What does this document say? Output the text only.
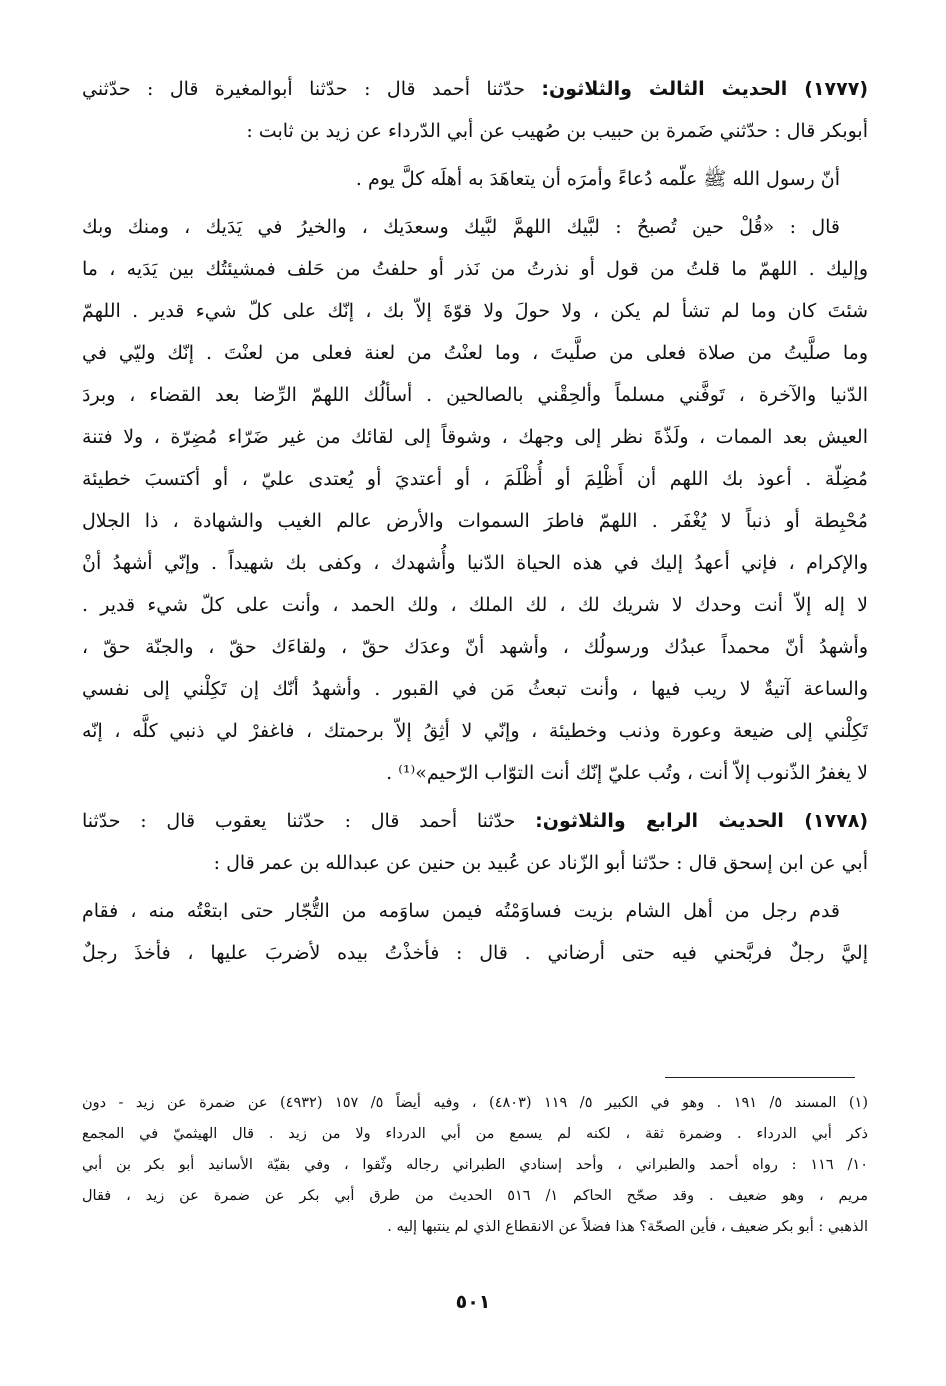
(١٧٧٧) الحديث الثالث والثلاثون: حدّثنا أحمد قال : حدّثنا أبوالمغيرة قال : حدّثني
أبوبكر قال : حدّثني ضَمرة بن حبيب بن صُهيب عن أبي الدّرداء عن زيد بن ثابت :
أنّ رسول الله ﷺ علّمه دُعاءً وأمرَه أن يتعاهَدَ به أهلَه كلَّ يوم .
قال : «قُلْ حين تُصبحُ : لبَّيك اللهمَّ لبَّيك وسعدَيك ، والخيرُ في يَدَيك ، ومنك وبك
وإليك . اللهمّ ما قلتُ من قول أو نذرتُ من نَذر أو حلفتُ من حَلف فمشيئتُك بين يَدَيه ، ما
شئتَ كان وما لم تشأ لم يكن ، ولا حولَ ولا قوّةَ إلاّ بك ، إنّك على كلّ شيء قدير . اللهمّ
وما صلَّيتُ من صلاة فعلى من صلَّيتَ ، وما لعنْتُ من لعنة فعلى من لعنْتَ . إنّك وليّي في
الدّنيا والآخرة ، تَوفَّني مسلماً وألحِقْني بالصالحين . أسألُك اللهمّ الرِّضا بعد القضاء ، وبردَ
العيش بعد الممات ، ولَذّةَ نظر إلى وجهك ، وشوقاً إلى لقائك من غير ضَرّاء مُضِرّة ، ولا فتنة
مُضِلّة . أعوذ بك اللهم أن أَظْلِمَ أو أُظْلَمَ ، أو أعتديَ أو يُعتدى عليّ ، أو أكتسبَ خطيئة
مُحْبِطة أو ذنباً لا يُغْفَر . اللهمّ فاطرَ السموات والأرض عالم الغيب والشهادة ، ذا الجلال
والإكرام ، فإني أعهدُ إليك في هذه الحياة الدّنيا وأُشهدك ، وكفى بك شهيداً . وإنّي أشهدُ أنْ
لا إله إلاّ أنت وحدك لا شريك لك ، لك الملك ، ولك الحمد ، وأنت على كلّ شيء قدير .
وأشهدُ أنّ محمداً عبدُك ورسولُك ، وأشهد أنّ وعدَك حقّ ، ولقاءَك حقّ ، والجنّة حقّ ،
والساعة آتيةٌ لا ريب فيها ، وأنت تبعثُ مَن في القبور . وأشهدُ أنّك إن تَكِلْني إلى نفسي
تَكِلْني إلى ضيعة وعورة وذنب وخطيئة ، وإنّي لا أثِقُ إلاّ برحمتك ، فاغفرْ لي ذنبي كلَّه ، إنّه
لا يغفرُ الذّنوب إلاّ أنت ، وتُب عليّ إنّك أنت التوّاب الرّحيم»⁽¹⁾ .
(١٧٧٨) الحديث الرابع والثلاثون: حدّثنا أحمد قال : حدّثنا يعقوب قال : حدّثنا
أبي عن ابن إسحق قال : حدّثنا أبو الزّناد عن عُبيد بن حنين عن عبدالله بن عمر قال :
قدم رجل من أهل الشام بزيت فساوَمْتُه فيمن ساوَمه من التُّجّار حتى ابتعْتُه منه ، فقام
إليَّ رجلٌ فربَّحني فيه حتى أرضاني . قال : فأخذْتُ بيده لأضربَ عليها ، فأخذَ رجلٌ
(١) المسند ٥/ ١٩١ . وهو في الكبير ٥/ ١١٩ (٤٨٠٣) ، وفيه أيضاً ٥/ ١٥٧ (٤٩٣٢) عن ضمرة عن زيد - دون
ذكر أبي الدرداء . وضمرة ثقة ، لكنه لم يسمع من أبي الدرداء ولا من زيد . قال الهيثميّ في المجمع
١٠/ ١١٦ : رواه أحمد والطبراني ، وأحد إسنادي الطبراني رجاله وثّقوا ، وفي بقيّة الأسانيد أبو بكر بن أبي
مريم ، وهو ضعيف . وقد صحّح الحاكم ١/ ٥١٦ الحديث من طرق أبي بكر عن ضمرة عن زيد ، فقال
الذهبي : أبو بكر ضعيف ، فأين الصحّة؟ هذا فضلاً عن الانقطاع الذي لم ينتبها إليه .
٥٠١
